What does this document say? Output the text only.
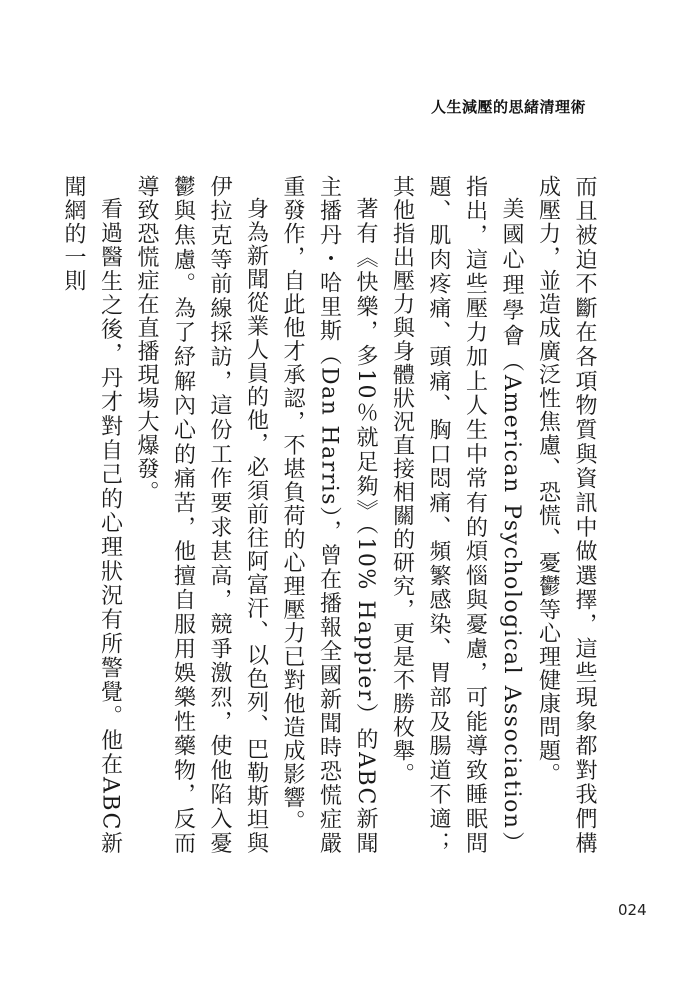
人生減壓的思緒清理術

而且被迫不斷在各項物質與資訊中做選擇，這些現象都對我們構成壓力，並造成廣泛性焦慮、恐慌、憂鬱等心理健康問題。

美國心理學會（American Psychological Association）指出，這些壓力加上人生中常有的煩惱與憂慮，可能導致睡眠問題、肌肉疼痛、頭痛、胸口悶痛、頻繁感染、胃部及腸道不適；其他指出壓力與身體狀況直接相關的研究，更是不勝枚舉。

著有《快樂，多10％就足夠》（10% Happier）的ABC新聞主播丹・哈里斯（Dan Harris），曾在播報全國新聞時恐慌症嚴重發作，自此他才承認，不堪負荷的心理壓力已對他造成影響。

身為新聞從業人員的他，必須前往阿富汗、以色列、巴勒斯坦與伊拉克等前線採訪，這份工作要求甚高，競爭激烈，使他陷入憂鬱與焦慮。為了紓解內心的痛苦，他擅自服用娛樂性藥物，反而導致恐慌症在直播現場大爆發。

看過醫生之後，丹才對自己的心理狀況有所警覺。他在ABC新聞網的一則

024
